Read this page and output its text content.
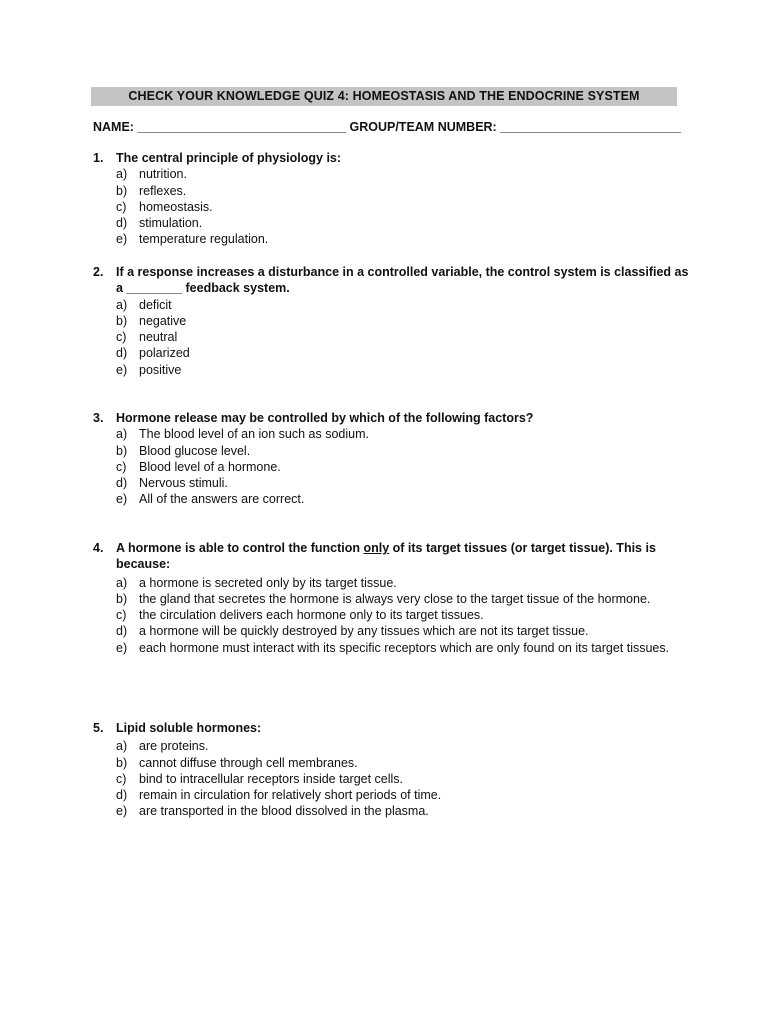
CHECK YOUR KNOWLEDGE QUIZ 4: HOMEOSTASIS AND THE ENDOCRINE SYSTEM
NAME: ______________________________ GROUP/TEAM NUMBER: __________________________
1.	The central principle of physiology is:
a) nutrition.
b) reflexes.
c)	homeostasis.
d) stimulation.
e) temperature regulation.
2.	If a response increases a disturbance in a controlled variable, the control system is classified as a ________ feedback system.
a) deficit
b) negative
c)	neutral
d) polarized
e) positive
3.	Hormone release may be controlled by which of the following factors?
a) The blood level of an ion such as sodium.
b) Blood glucose level.
c)	Blood level of a hormone.
d) Nervous stimuli.
e) All of the answers are correct.
4.	A hormone is able to control the function only of its target tissues (or target tissue). This is because:
a) a hormone is secreted only by its target tissue.
b) the gland that secretes the hormone is always very close to the target tissue of the hormone.
c)	the circulation delivers each hormone only to its target tissues.
d) a hormone will be quickly destroyed by any tissues which are not its target tissue.
e) each hormone must interact with its specific receptors which are only found on its target tissues.
5.	Lipid soluble hormones:
a) are proteins.
b) cannot diffuse through cell membranes.
c)	bind to intracellular receptors inside target cells.
d) remain in circulation for relatively short periods of time.
e) are transported in the blood dissolved in the plasma.
